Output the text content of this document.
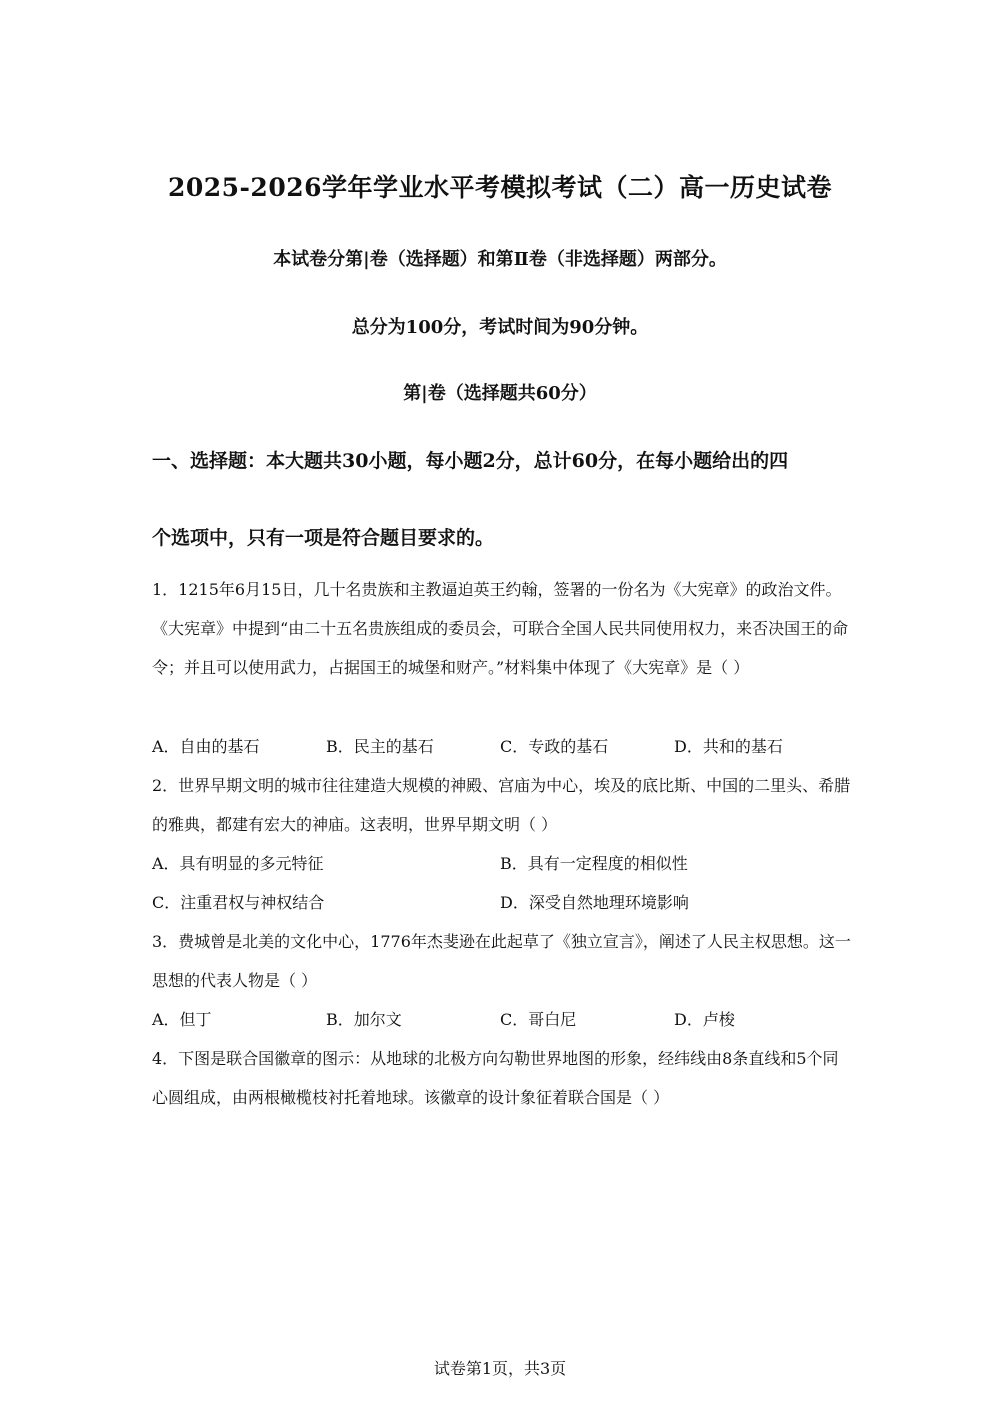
2025-2026学年学业水平考模拟考试（二）高一历史试卷
本试卷分第|卷（选择题）和第Ⅱ卷（非选择题）两部分。
总分为100分，考试时间为90分钟。
第|卷（选择题共60分）
一、选择题：本大题共30小题，每小题2分，总计60分，在每小题给出的四
个选项中，只有一项是符合题目要求的。
1．1215年6月15日，几十名贵族和主教逼迫英王约翰，签署的一份名为《大宪章》的政治文件。《大宪章》中提到“由二十五名贵族组成的委员会，可联合全国人民共同使用权力，来否决国王的命令；并且可以使用武力，占据国王的城堡和财产。”材料集中体现了《大宪章》是（ ）
A．自由的基石	B．民主的基石	C．专政的基石	D．共和的基石
2．世界早期文明的城市往往建造大规模的神殿、宫庙为中心，埃及的底比斯、中国的二里头、希腊的雅典，都建有宏大的神庙。这表明，世界早期文明（ ）
A．具有明显的多元特征	B．具有一定程度的相似性
C．注重君权与神权结合	D．深受自然地理环境影响
3．费城曾是北美的文化中心，1776年杰斐逊在此起草了《独立宣言》，阐述了人民主权思想。这一思想的代表人物是（ ）
A．但丁	B．加尔文	C．哥白尼	D．卢梭
4．下图是联合国徽章的图示：从地球的北极方向勾勒世界地图的形象，经纬线由8条直线和5个同心圆组成，由两根橄榄枝衬托着地球。该徽章的设计象征着联合国是（ ）
试卷第1页，共3页
